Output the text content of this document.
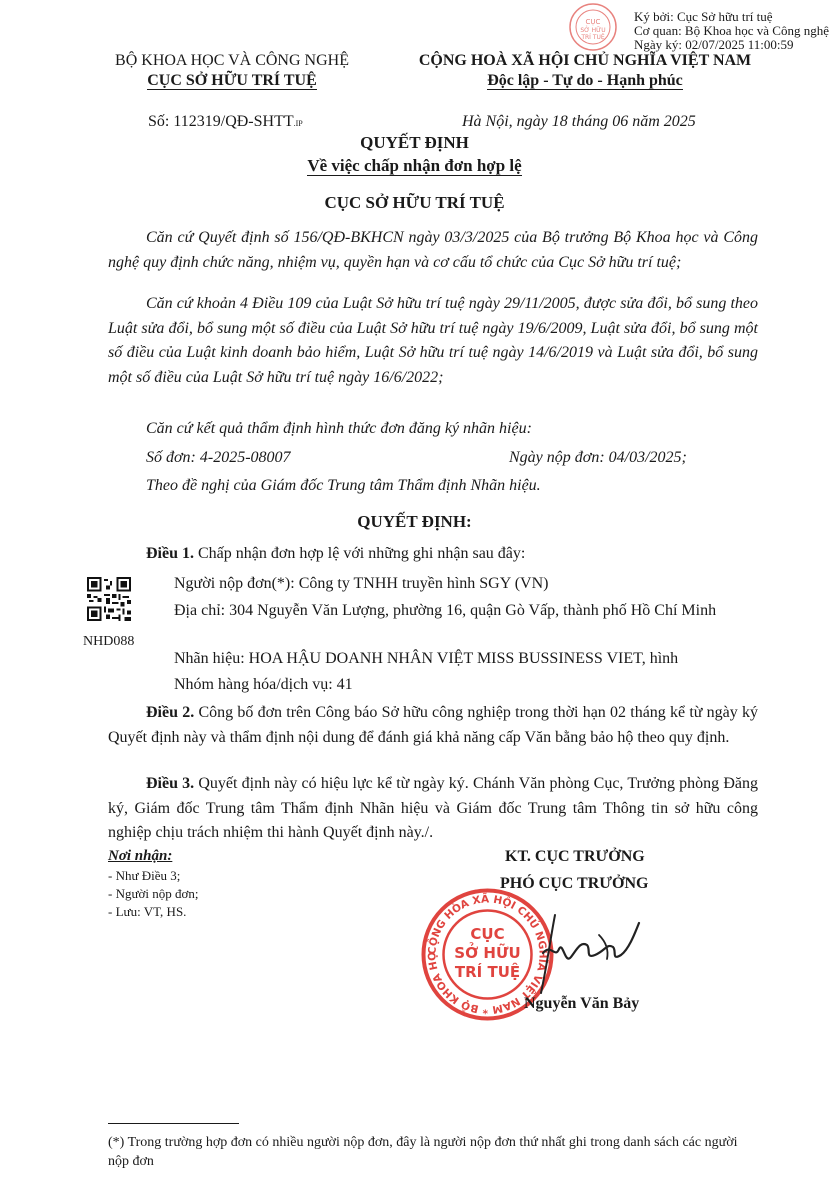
CỤC
SỞ HỮU
TRÍ TUỆ
Ký bởi: Cục Sở hữu trí tuệ
Cơ quan: Bộ Khoa học và Công nghệ
Ngày ký: 02/07/2025 11:00:59
BỘ KHOA HỌC VÀ CÔNG NGHỆ
CỤC SỞ HỮU TRÍ TUỆ
CỘNG HOÀ XÃ HỘI CHỦ NGHĨA VIỆT NAM
Độc lập - Tự do - Hạnh phúc
Số: 112319/QĐ-SHTT.IP	Hà Nội, ngày 18 tháng 06 năm 2025
QUYẾT ĐỊNH
Về việc chấp nhận đơn hợp lệ
CỤC SỞ HỮU TRÍ TUỆ
Căn cứ Quyết định số 156/QĐ-BKHCN ngày 03/3/2025 của Bộ trưởng Bộ Khoa học và Công nghệ quy định chức năng, nhiệm vụ, quyền hạn và cơ cấu tổ chức của Cục Sở hữu trí tuệ;
Căn cứ khoản 4 Điều 109 của Luật Sở hữu trí tuệ ngày 29/11/2005, được sửa đổi, bổ sung theo Luật sửa đổi, bổ sung một số điều của Luật Sở hữu trí tuệ ngày 19/6/2009, Luật sửa đổi, bổ sung một số điều của Luật kinh doanh bảo hiểm, Luật Sở hữu trí tuệ ngày 14/6/2019 và Luật sửa đổi, bổ sung một số điều của Luật Sở hữu trí tuệ ngày 16/6/2022;
Căn cứ kết quả thẩm định hình thức đơn đăng ký nhãn hiệu:
Số đơn: 4-2025-08007	Ngày nộp đơn: 04/03/2025;
Theo đề nghị của Giám đốc Trung tâm Thẩm định Nhãn hiệu.
QUYẾT ĐỊNH:
Điều 1. Chấp nhận đơn hợp lệ với những ghi nhận sau đây:
NHD088
Người nộp đơn(*): Công ty TNHH truyền hình SGY (VN)
Địa chỉ: 304 Nguyễn Văn Lượng, phường 16, quận Gò Vấp, thành phố Hồ Chí Minh
Nhãn hiệu: HOA HẬU DOANH NHÂN VIỆT MISS BUSSINESS VIET, hình
Nhóm hàng hóa/dịch vụ: 41
Điều 2. Công bố đơn trên Công báo Sở hữu công nghiệp trong thời hạn 02 tháng kể từ ngày ký Quyết định này và thẩm định nội dung để đánh giá khả năng cấp Văn bằng bảo hộ theo quy định.
Điều 3. Quyết định này có hiệu lực kể từ ngày ký. Chánh Văn phòng Cục, Trưởng phòng Đăng ký, Giám đốc Trung tâm Thẩm định Nhãn hiệu và Giám đốc Trung tâm Thông tin sở hữu công nghiệp chịu trách nhiệm thi hành Quyết định này./.
Nơi nhận:
- Như Điều 3;
- Người nộp đơn;
- Lưu: VT, HS.
KT. CỤC TRƯỞNG
PHÓ CỤC TRƯỞNG
CỘNG HÒA XÃ HỘI CHỦ NGHĨA VIỆT NAM * BỘ KHOA HỌ
CỤC
SỞ HỮU
TRÍ TUỆ
Nguyễn Văn Bảy
(*) Trong trường hợp đơn có nhiều người nộp đơn, đây là người nộp đơn thứ nhất ghi trong danh sách các người nộp đơn
